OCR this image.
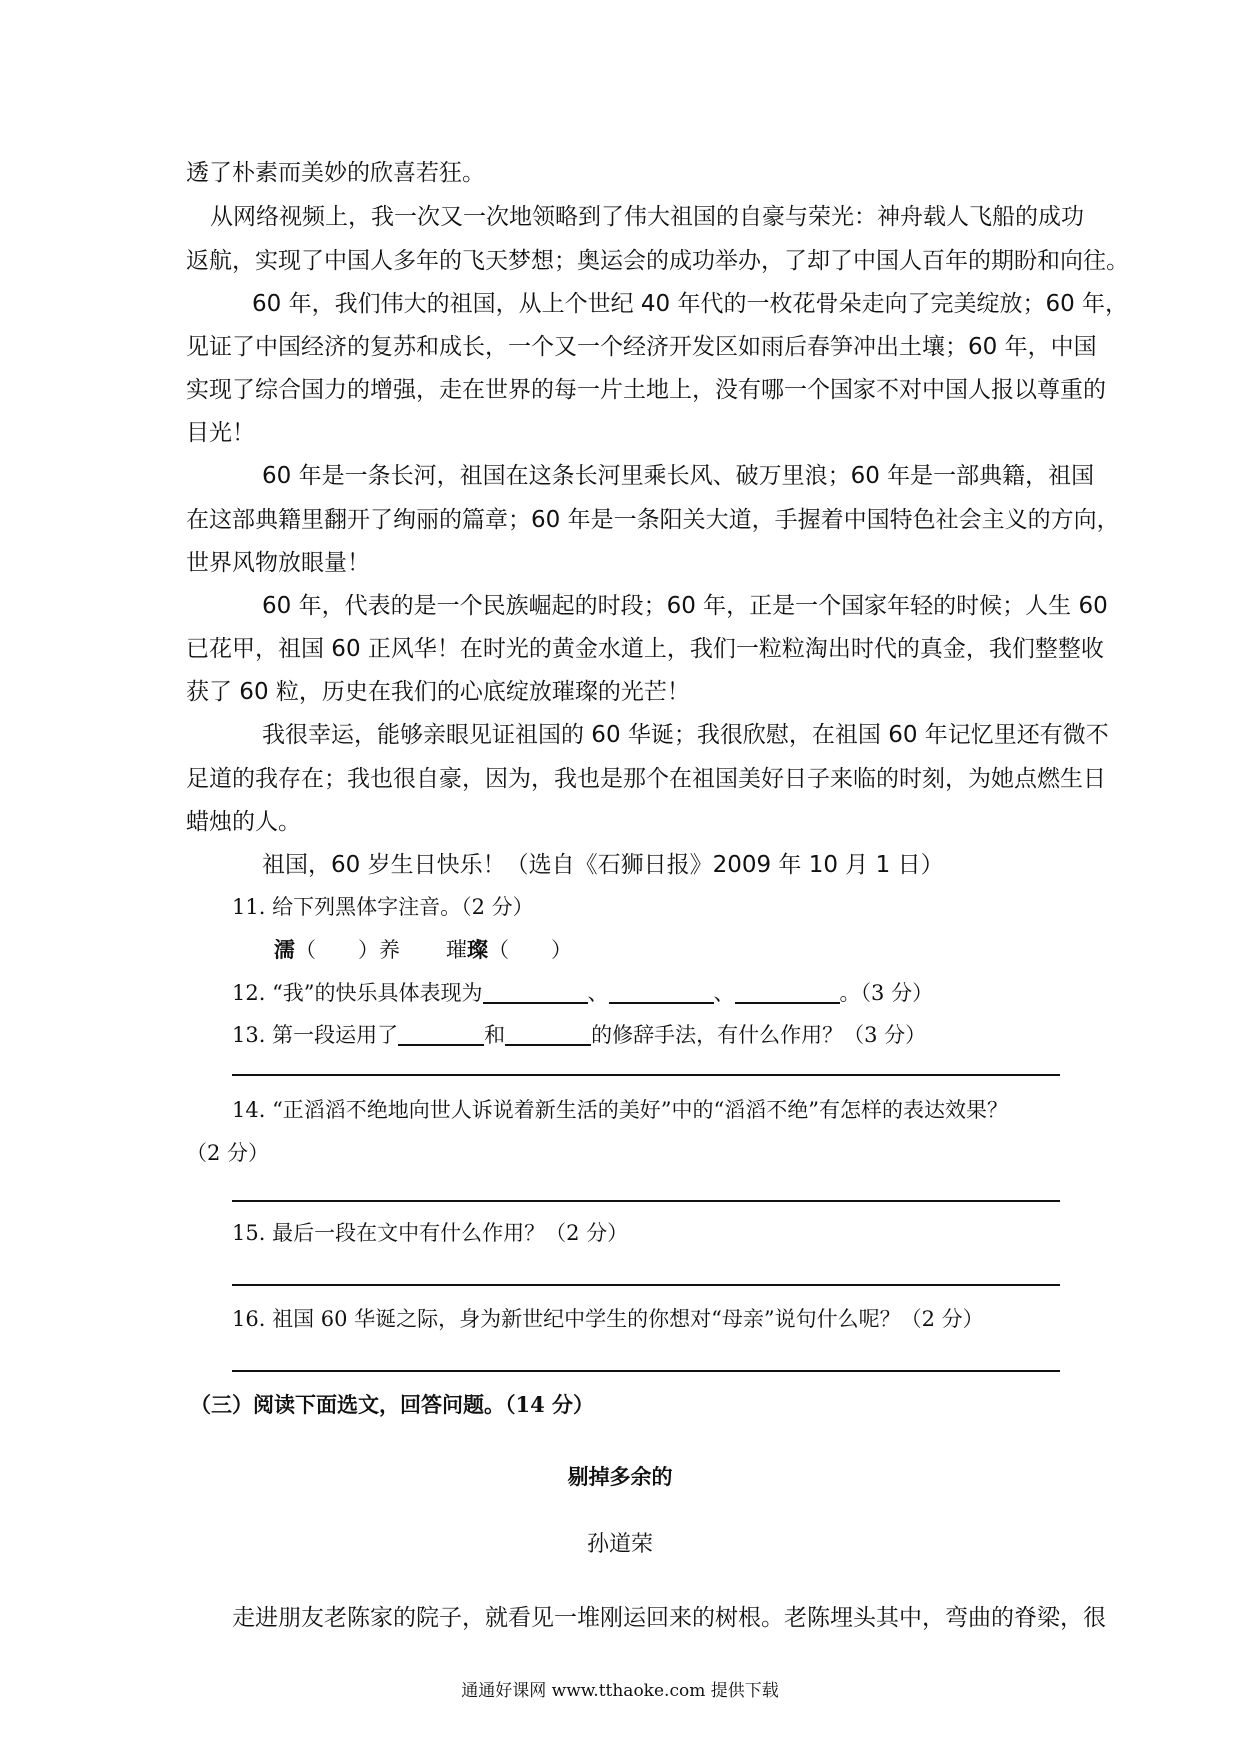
透了朴素而美妙的欣喜若狂。
从网络视频上，我一次又一次地领略到了伟大祖国的自豪与荣光：神舟载人飞船的成功
返航，实现了中国人多年的飞天梦想；奥运会的成功举办，了却了中国人百年的期盼和向往。
60 年，我们伟大的祖国，从上个世纪 40 年代的一枚花骨朵走向了完美绽放；60 年，
见证了中国经济的复苏和成长，一个又一个经济开发区如雨后春笋冲出土壤；60 年，中国
实现了综合国力的增强，走在世界的每一片土地上，没有哪一个国家不对中国人报以尊重的
目光！
60 年是一条长河，祖国在这条长河里乘长风、破万里浪；60 年是一部典籍，祖国
在这部典籍里翻开了绚丽的篇章；60 年是一条阳关大道，手握着中国特色社会主义的方向，
世界风物放眼量！
60 年，代表的是一个民族崛起的时段；60 年，正是一个国家年轻的时候；人生 60
已花甲，祖国 60 正风华！在时光的黄金水道上，我们一粒粒淘出时代的真金，我们整整收
获了 60 粒，历史在我们的心底绽放璀璨的光芒！
我很幸运，能够亲眼见证祖国的 60 华诞；我很欣慰，在祖国 60 年记忆里还有微不
足道的我存在；我也很自豪，因为，我也是那个在祖国美好日子来临的时刻，为她点燃生日
蜡烛的人。
祖国，60 岁生日快乐！（选自《石狮日报》2009 年 10 月 1 日）
11. 给下列黑体字注音。（2 分）
濡（　　）养 璀璨（　　）
12. “我”的快乐具体表现为	、	、	。（3 分）
13. 第一段运用了	和	的修辞手法，有什么作用？（3 分）
14. “正滔滔不绝地向世人诉说着新生活的美好”中的“滔滔不绝”有怎样的表达效果？
（2 分）
15. 最后一段在文中有什么作用？（2 分）
16. 祖国 60 华诞之际，身为新世纪中学生的你想对“母亲”说句什么呢？（2 分）
（三）阅读下面选文，回答问题。（14 分）
剔掉多余的
孙道荣
走进朋友老陈家的院子，就看见一堆刚运回来的树根。老陈埋头其中，弯曲的脊梁，很
通通好课网 www.tthaoke.com 提供下载
